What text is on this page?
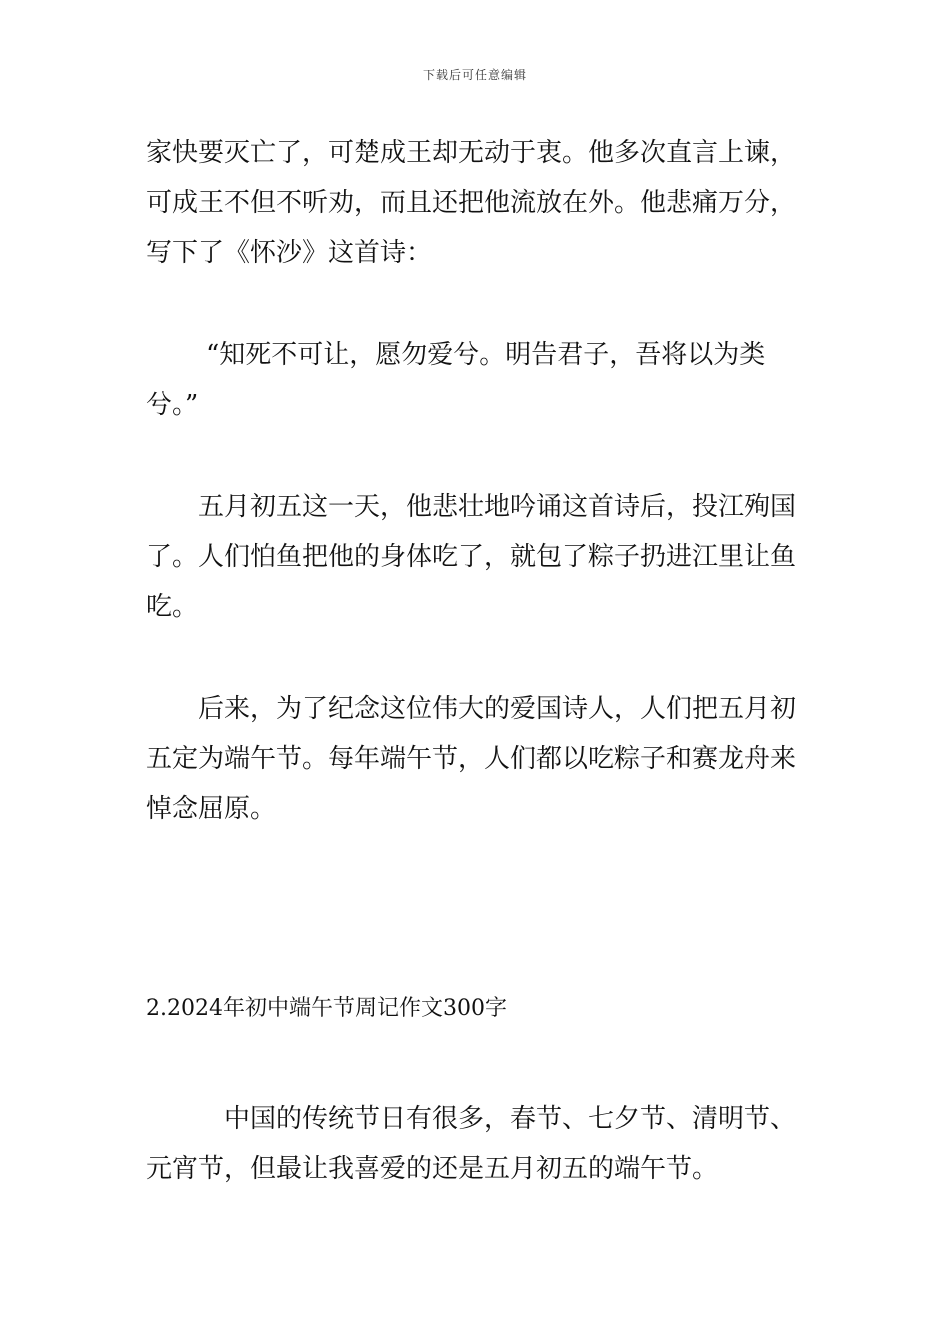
下载后可任意编辑
家快要灭亡了，可楚成王却无动于衷。他多次直言上谏，
可成王不但不听劝，而且还把他流放在外。他悲痛万分，
写下了《怀沙》这首诗：
“知死不可让，愿勿爱兮。明告君子，吾将以为类
兮。”
五月初五这一天，他悲壮地吟诵这首诗后，投江殉国
了。人们怕鱼把他的身体吃了，就包了粽子扔进江里让鱼
吃。
后来，为了纪念这位伟大的爱国诗人，人们把五月初
五定为端午节。每年端午节，人们都以吃粽子和赛龙舟来
悼念屈原。
2.2024年初中端午节周记作文300字
中国的传统节日有很多，春节、七夕节、清明节、
元宵节，但最让我喜爱的还是五月初五的端午节。
